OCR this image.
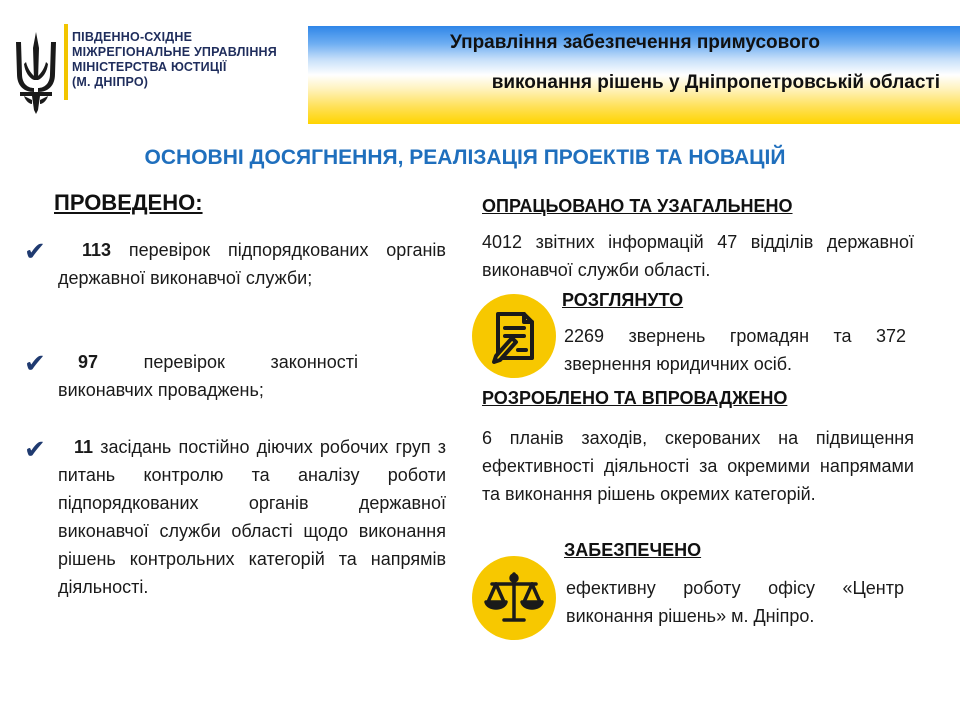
ПІВДЕННО-СХІДНЕ
МІЖРЕГІОНАЛЬНЕ УПРАВЛІННЯ
МІНІСТЕРСТВА ЮСТИЦІЇ
(М. ДНІПРО)
Управління забезпечення примусового
виконання рішень у Дніпропетровській області
ОСНОВНІ ДОСЯГНЕННЯ, РЕАЛІЗАЦІЯ ПРОЕКТІВ ТА НОВАЦІЙ
ПРОВЕДЕНО:
✔	113 перевірок підпорядкованих органів державної виконавчої служби;
✔	97 перевірок законності виконавчих проваджень;
✔	11 засідань постійно діючих робочих груп з питань контролю та аналізу роботи підпорядкованих органів державної виконавчої служби області щодо виконання рішень контрольних категорій та напрямів діяльності.
ОПРАЦЬОВАНО ТА УЗАГАЛЬНЕНО
4012 звітних інформацій 47 відділів державної виконавчої служби області.
РОЗГЛЯНУТО
2269 звернень громадян та 372 звернення юридичних осіб.
РОЗРОБЛЕНО ТА ВПРОВАДЖЕНО
6 планів заходів, скерованих на підвищення ефективності діяльності за окремими напрямами та виконання рішень окремих категорій.
ЗАБЕЗПЕЧЕНО
ефективну роботу офісу «Центр виконання рішень» м. Дніпро.
